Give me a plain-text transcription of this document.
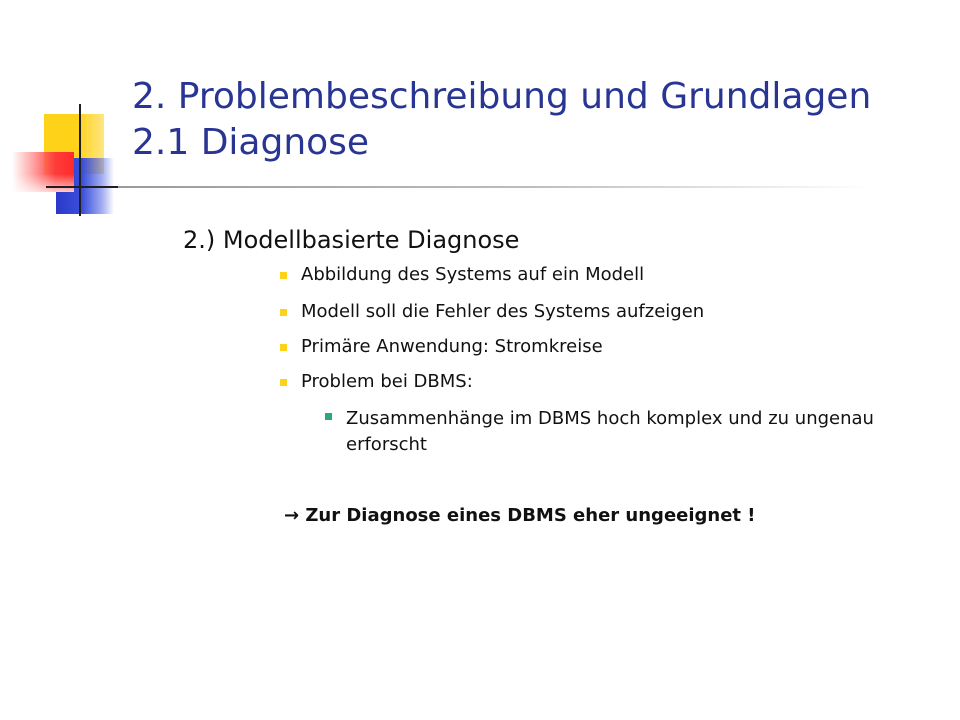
2. Problembeschreibung und Grundlagen
2.1 Diagnose
2.) Modellbasierte Diagnose
Abbildung des Systems auf ein Modell
Modell soll die Fehler des Systems aufzeigen
Primäre Anwendung: Stromkreise
Problem bei DBMS:
Zusammenhänge im DBMS hoch komplex und zu ungenau erforscht
→ Zur Diagnose eines DBMS eher ungeeignet !
